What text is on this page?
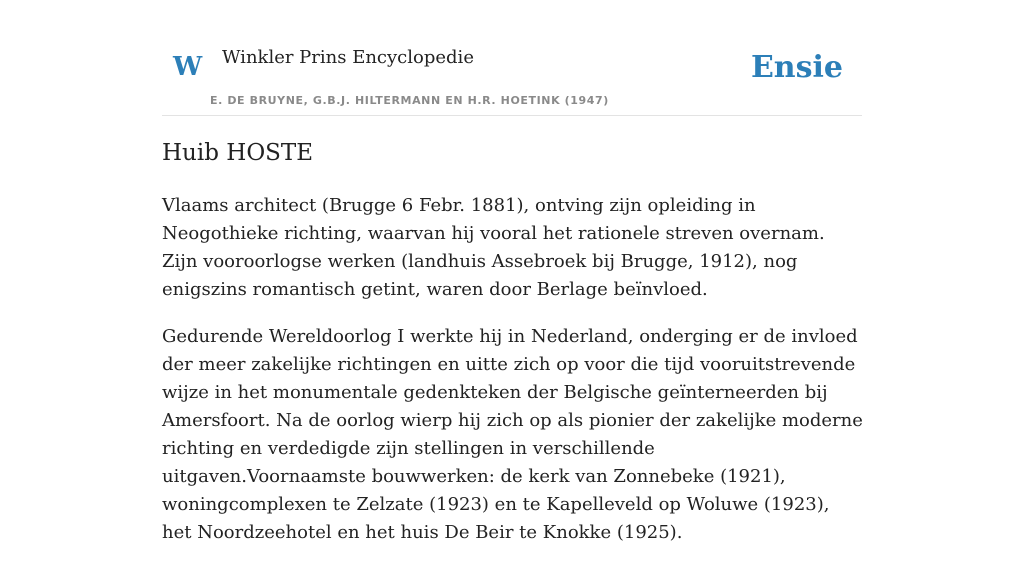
W Winkler Prins Encyclopedie
E. DE BRUYNE, G.B.J. HILTERMANN EN H.R. HOETINK (1947)
Ensie
Huib HOSTE

Vlaams architect (Brugge 6 Febr. 1881), ontving zijn opleiding in Neogothieke richting, waarvan hij vooral het rationele streven overnam. Zijn vooroorlogse werken (landhuis Assebroek bij Brugge, 1912), nog enigszins romantisch getint, waren door Berlage beïnvloed.

Gedurende Wereldoorlog I werkte hij in Nederland, onderging er de invloed der meer zakelijke richtingen en uitte zich op voor die tijd vooruitstrevende wijze in het monumentale gedenkteken der Belgische geïnterneerden bij Amersfoort. Na de oorlog wierp hij zich op als pionier der zakelijke moderne richting en verdedigde zijn stellingen in verschillende uitgaven.Voornaamste bouwwerken: de kerk van Zonnebeke (1921), woningcomplexen te Zelzate (1923) en te Kapelleveld op Woluwe (1923), het Noordzeehotel en het huis De Beir te Knokke (1925).
